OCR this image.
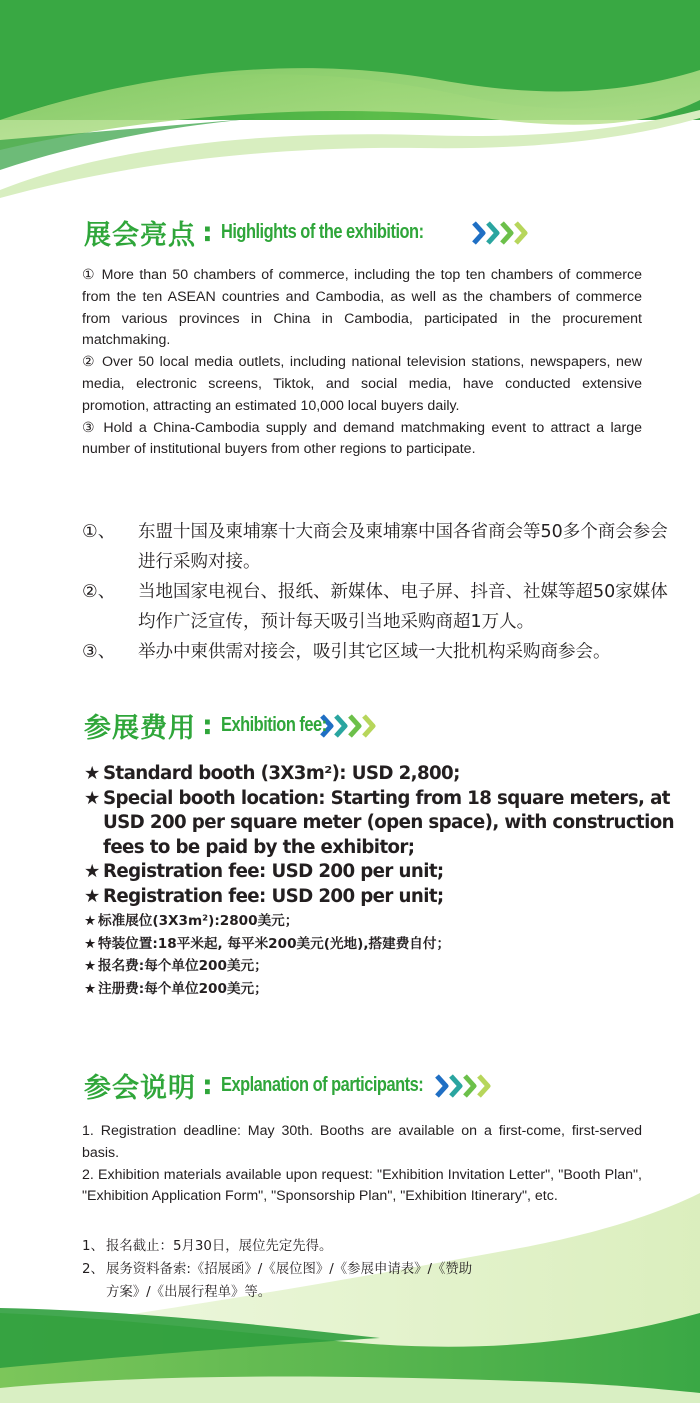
展会亮点 : Highlights of the exhibition:
① More than 50 chambers of commerce, including the top ten chambers of commerce from the ten ASEAN countries and Cambodia, as well as the chambers of commerce from various provinces in China in Cambodia, participated in the procurement matchmaking.
② Over 50 local media outlets, including national television stations, newspapers, new media, electronic screens, Tiktok, and social media, have conducted extensive promotion, attracting an estimated 10,000 local buyers daily.
③ Hold a China-Cambodia supply and demand matchmaking event to attract a large number of institutional buyers from other regions to participate.
①、 东盟十国及柬埔寨十大商会及柬埔寨中国各省商会等50多个商会参会进行采购对接。
②、 当地国家电视台、报纸、新媒体、电子屏、抖音、社媒等超50家媒体均作广泛宣传，预计每天吸引当地采购商超1万人。
③、 举办中柬供需对接会，吸引其它区域一大批机构采购商参会。
参展费用 : Exhibition fee:
★ Standard booth (3X3m²): USD 2,800;
★ Special booth location: Starting from 18 square meters, at USD 200 per square meter (open space), with construction fees to be paid by the exhibitor;
★ Registration fee: USD 200 per unit;
★ Registration fee: USD 200 per unit;
★ 标准展位(3X3m²):2800美元；
★ 特装位置:18平米起, 每平米200美元(光地),搭建费自付；
★ 报名费:每个单位200美元；
★ 注册费:每个单位200美元；
参会说明 : Explanation of participants:
1. Registration deadline: May 30th. Booths are available on a first-come, first-served basis.
2. Exhibition materials available upon request: "Exhibition Invitation Letter", "Booth Plan", "Exhibition Application Form", "Sponsorship Plan", "Exhibition Itinerary", etc.
1、 报名截止：5月30日，展位先定先得。
2、 展务资料备索:《招展函》/《展位图》/《参展申请表》/《赞助
方案》/《出展行程单》等。
